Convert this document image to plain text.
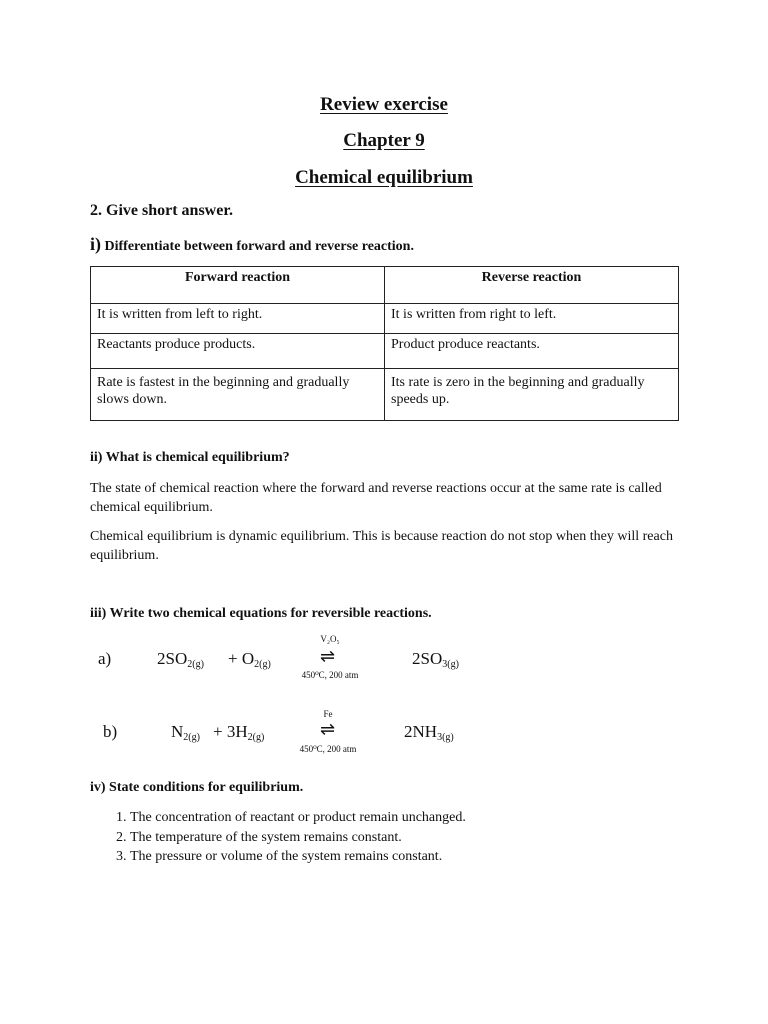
Review exercise
Chapter 9
Chemical equilibrium
2. Give short answer.
i) Differentiate between forward and reverse reaction.
Forward reaction	Reverse reaction
It is written from left to right.	It is written from right to left.
Reactants produce products.	Product produce reactants.
Rate is fastest in the beginning and gradually slows down.	Its rate is zero in the beginning and gradually speeds up.
ii) What is chemical equilibrium?
The state of chemical reaction where the forward and reverse reactions occur at the same rate is called chemical equilibrium.
Chemical equilibrium is dynamic equilibrium. This is because reaction do not stop when they will reach equilibrium.
iii) Write two chemical equations for reversible reactions.
a)	$2SO_{2(g)} + O_{2(g)}$
V₂O₅
⇌
450⁰C, 200 atm
$2SO_{3(g)}$
b)	$N_{2(g)} + 3H_{2(g)}$
Fe
⇌
450⁰C, 200 atm
$2NH_{3(g)}$
iv) State conditions for equilibrium.
1. The concentration of reactant or product remain unchanged.
2. The temperature of the system remains constant.
3. The pressure or volume of the system remains constant.
